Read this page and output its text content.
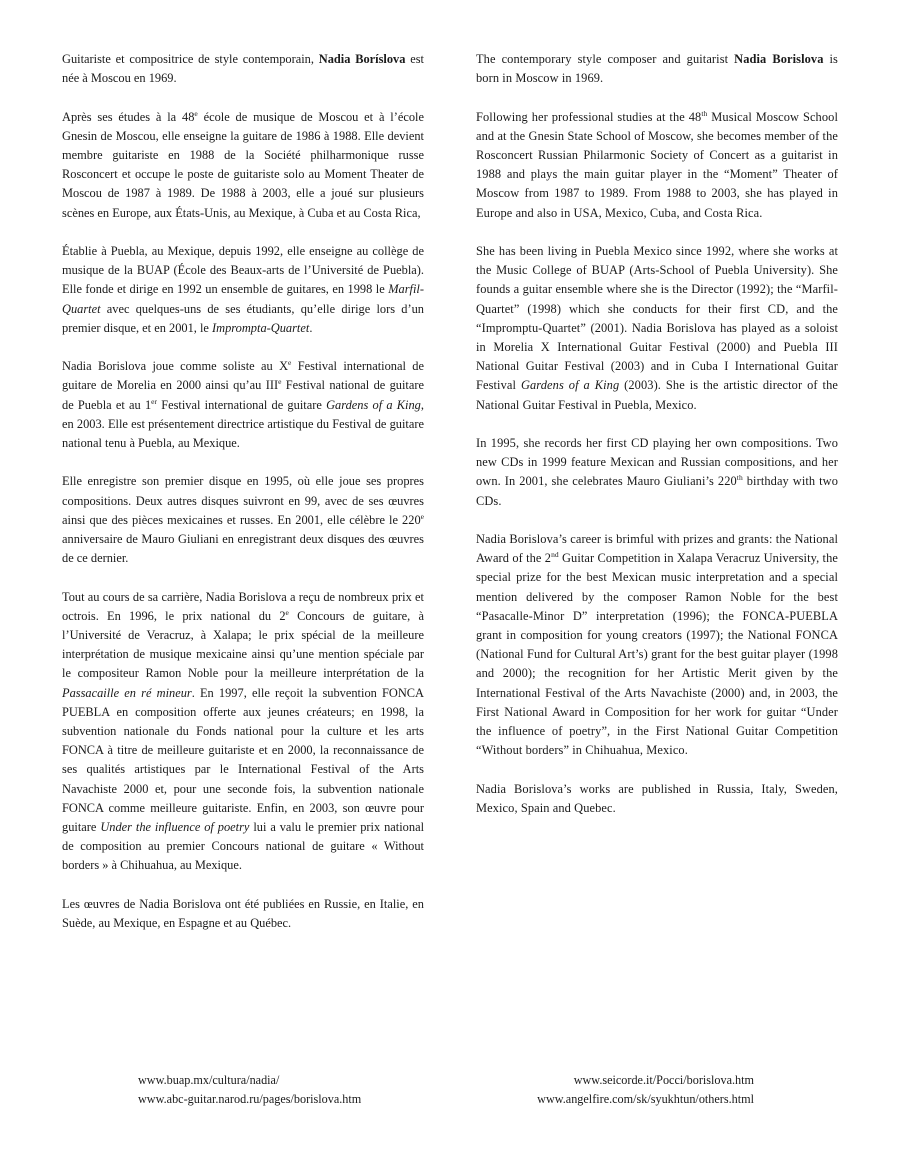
Guitariste et compositrice de style contemporain, Nadia Boríslova est née à Moscou en 1969.

Après ses études à la 48e école de musique de Moscou et à l’école Gnesin de Moscou, elle enseigne la guitare de 1986 à 1988. Elle devient membre guitariste en 1988 de la Société philharmonique russe Rosconcert et occupe le poste de guitariste solo au Moment Theater de Moscou de 1987 à 1989. De 1988 à 2003, elle a joué sur plusieurs scènes en Europe, aux États-Unis, au Mexique, à Cuba et au Costa Rica,

Établie à Puebla, au Mexique, depuis 1992, elle enseigne au collège de musique de la BUAP (École des Beaux-arts de l’Université de Puebla). Elle fonde et dirige en 1992 un ensemble de guitares, en 1998 le Marfil-Quartet avec quelques-uns de ses étudiants, qu’elle dirige lors d’un premier disque, et en 2001, le Imprompta-Quartet.

Nadia Borislova joue comme soliste au Xe Festival international de guitare de Morelia en 2000 ainsi qu’au IIIe Festival national de guitare de Puebla et au 1er Festival international de guitare Gardens of a King, en 2003. Elle est présentement directrice artistique du Festival de guitare national tenu à Puebla, au Mexique.

Elle enregistre son premier disque en 1995, où elle joue ses propres compositions. Deux autres disques suivront en 99, avec de ses œuvres ainsi que des pièces mexicaines et russes. En 2001, elle célèbre le 220e anniversaire de Mauro Giuliani en enregistrant deux disques des œuvres de ce dernier.

Tout au cours de sa carrière, Nadia Borislova a reçu de nombreux prix et octrois. En 1996, le prix national du 2e Concours de guitare, à l’Université de Veracruz, à Xalapa; le prix spécial de la meilleure interprétation de musique mexicaine ainsi qu’une mention spéciale par le compositeur Ramon Noble pour la meilleure interprétation de la Passacaille en ré mineur. En 1997, elle reçoit la subvention FONCA PUEBLA en composition offerte aux jeunes créateurs; en 1998, la subvention nationale du Fonds national pour la culture et les arts FONCA à titre de meilleure guitariste et en 2000, la reconnaissance de ses qualités artistiques par le International Festival of the Arts Navachiste 2000 et, pour une seconde fois, la subvention nationale FONCA comme meilleure guitariste. Enfin, en 2003, son œuvre pour guitare Under the influence of poetry lui a valu le premier prix national de composition au premier Concours national de guitare « Without borders » à Chihuahua, au Mexique.

Les œuvres de Nadia Borislova ont été publiées en Russie, en Italie, en Suède, au Mexique, en Espagne et au Québec.

The contemporary style composer and guitarist Nadia Borislova is born in Moscow in 1969.

Following her professional studies at the 48th Musical Moscow School and at the Gnesin State School of Moscow, she becomes member of the Rosconcert Russian Philarmonic Society of Concert as a guitarist in 1988 and plays the main guitar player in the “Moment” Theater of Moscow from 1987 to 1989. From 1988 to 2003, she has played in Europe and also in USA, Mexico, Cuba, and Costa Rica.

She has been living in Puebla Mexico since 1992, where she works at the Music College of BUAP (Arts-School of Puebla University). She founds a guitar ensemble where she is the Director (1992); the “Marfil-Quartet” (1998) which she conducts for their first CD, and the “Impromptu-Quartet” (2001). Nadia Borislova has played as a soloist in Morelia X International Guitar Festival (2000) and Puebla III National Guitar Festival (2003) and in Cuba I International Guitar Festival Gardens of a King (2003). She is the artistic director of the National Guitar Festival in Puebla, Mexico.

In 1995, she records her first CD playing her own compositions. Two new CDs in 1999 feature Mexican and Russian compositions, and her own. In 2001, she celebrates Mauro Giuliani’s 220th birthday with two CDs.

Nadia Borislova’s career is brimful with prizes and grants: the National Award of the 2nd Guitar Competition in Xalapa Veracruz University, the special prize for the best Mexican music interpretation and a special mention delivered by the composer Ramon Noble for the best “Pasacalle-Minor D” interpretation (1996); the FONCA-PUEBLA grant in composition for young creators (1997); the National FONCA (National Fund for Cultural Art’s) grant for the best guitar player (1998 and 2000); the recognition for her Artistic Merit given by the International Festival of the Arts Navachiste (2000) and, in 2003, the First National Award in Composition for her work for guitar “Under the influence of poetry”, in the First National Guitar Competition “Without borders” in Chihuahua, Mexico.

Nadia Borislova’s works are published in Russia, Italy, Sweden, Mexico, Spain and Quebec.

www.buap.mx/cultura/nadia/
www.abc-guitar.narod.ru/pages/borislova.htm
www.seicorde.it/Pocci/borislova.htm
www.angelfire.com/sk/syukhtun/others.html
